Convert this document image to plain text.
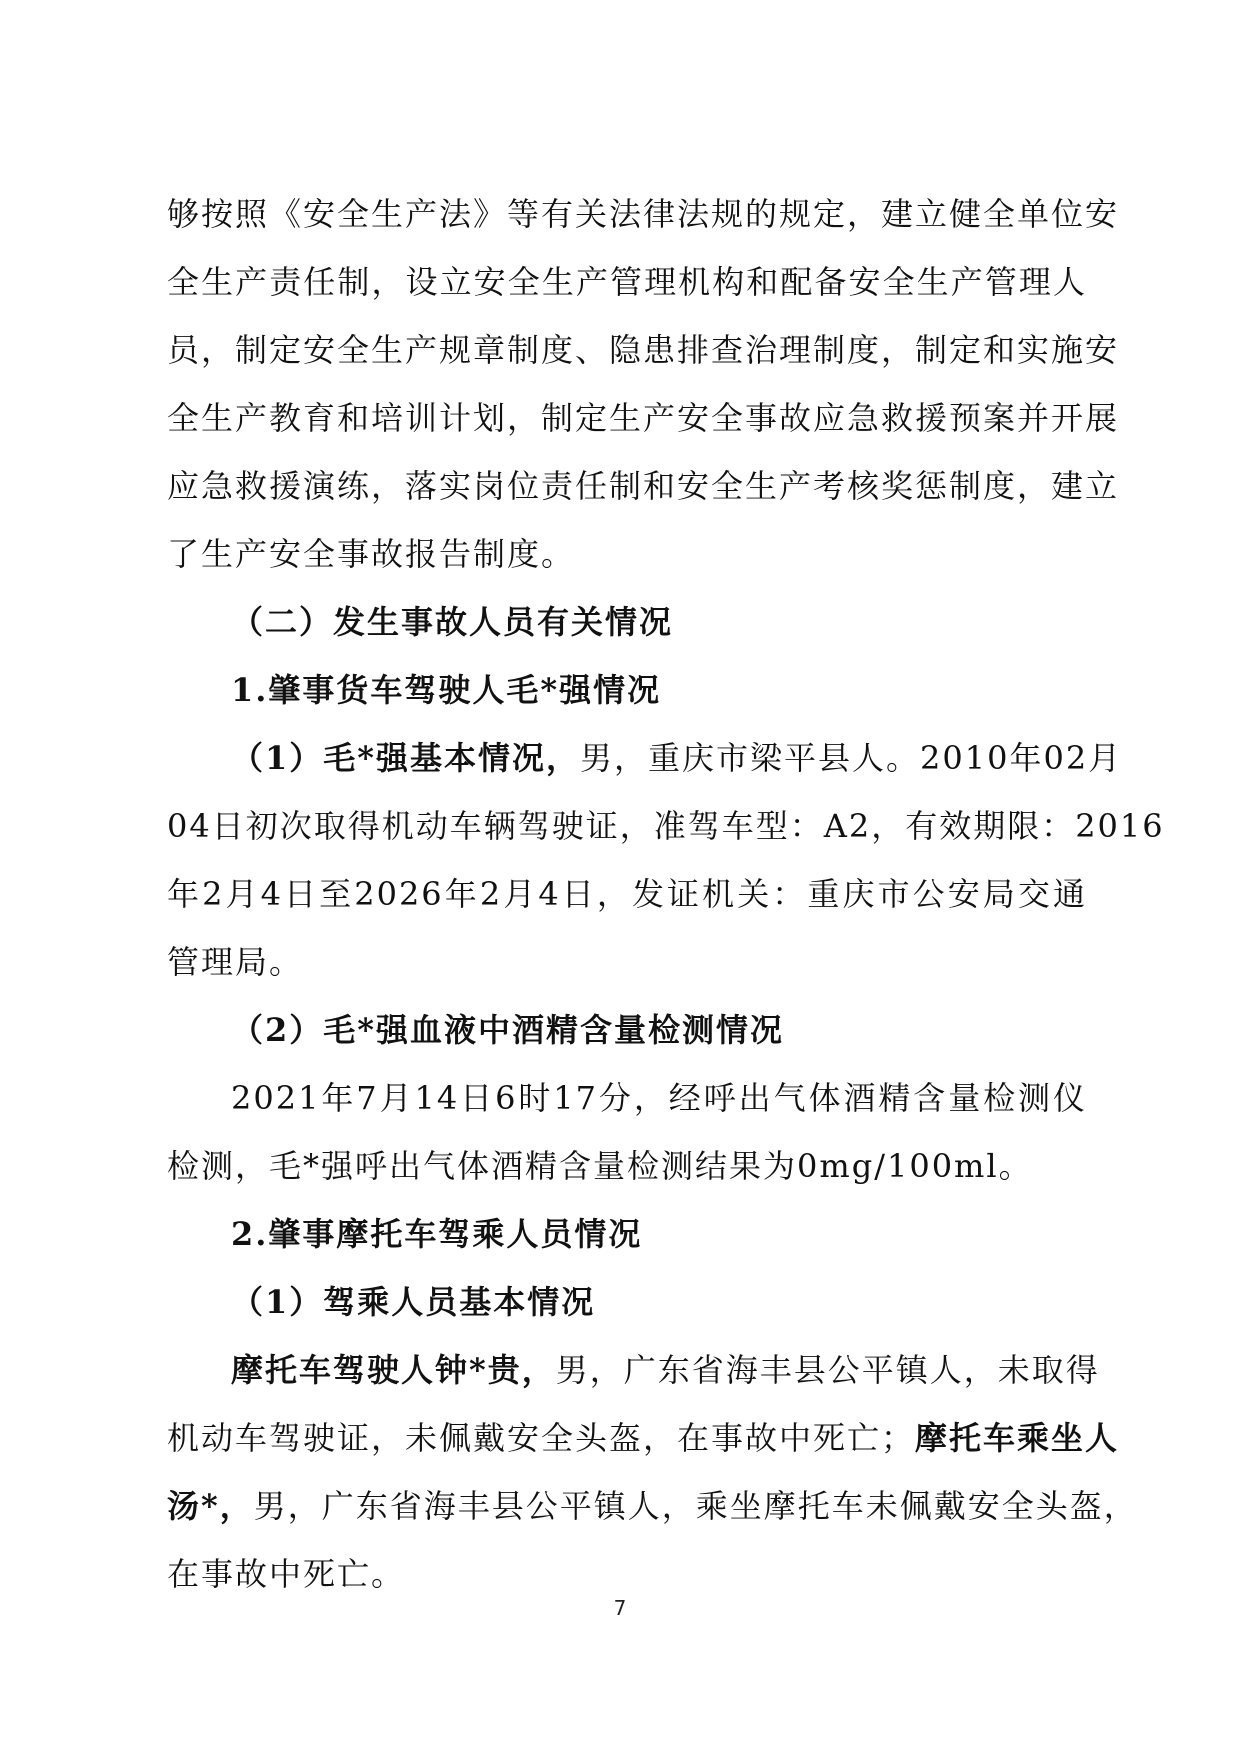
够按照《安全生产法》等有关法律法规的规定，建立健全单位安
全生产责任制，设立安全生产管理机构和配备安全生产管理人
员，制定安全生产规章制度、隐患排查治理制度，制定和实施安
全生产教育和培训计划，制定生产安全事故应急救援预案并开展
应急救援演练，落实岗位责任制和安全生产考核奖惩制度，建立
了生产安全事故报告制度。
（二）发生事故人员有关情况
1.肇事货车驾驶人毛*强情况
（1）毛*强基本情况，男，重庆市梁平县人。2010年02月
04日初次取得机动车辆驾驶证，准驾车型：A2，有效期限：2016
年2月4日至2026年2月4日，发证机关：重庆市公安局交通
管理局。
（2）毛*强血液中酒精含量检测情况
2021年7月14日6时17分，经呼出气体酒精含量检测仪
检测，毛*强呼出气体酒精含量检测结果为0mg/100ml。
2.肇事摩托车驾乘人员情况
（1）驾乘人员基本情况
摩托车驾驶人钟*贵，男，广东省海丰县公平镇人，未取得
机动车驾驶证，未佩戴安全头盔，在事故中死亡；摩托车乘坐人
汤*，男，广东省海丰县公平镇人，乘坐摩托车未佩戴安全头盔，
在事故中死亡。
7
